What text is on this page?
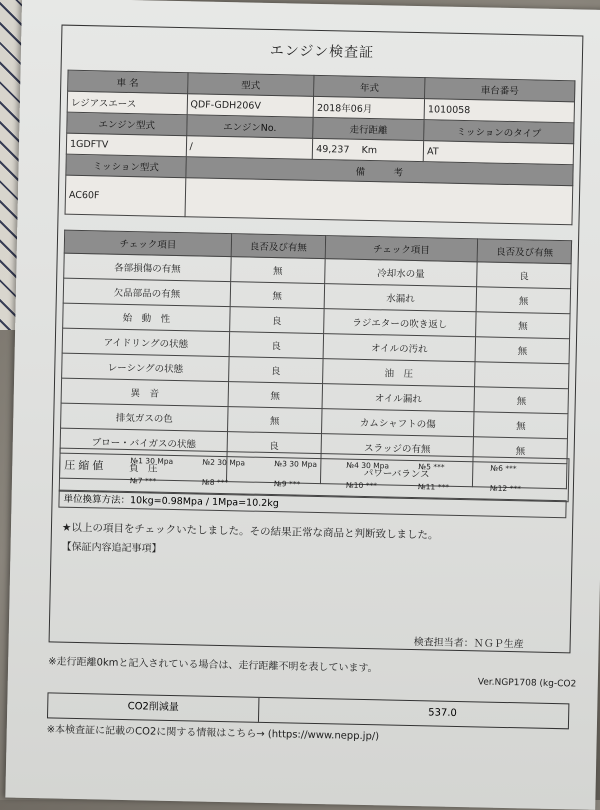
エンジン検査証
車 名	型式	年式	車台番号
レジアスエース	QDF-GDH206V	2018年06月	1010058
エンジン型式	エンジンNo.	走行距離	ミッションのタイプ
1GDFTV	/	49,237 Km	AT
ミッション型式	備　　　考		
AC60F			
チェック項目	良否及び有無	チェック項目	良否及び有無
各部損傷の有無	無	冷却水の量	良
欠品部品の有無	無	水漏れ	無
始　動　性	良	ラジエターの吹き返し	無
アイドリングの状態	良	オイルの汚れ	無
レーシングの状態	良	油　圧	
異　音	無	オイル漏れ	無
排気ガスの色	無	カムシャフトの傷	無
ブロー・バイガスの状態	良	スラッジの有無	無
負　圧		パワーバランス	
圧縮値	№1 30 Mpa	№2 30 Mpa	№3 30 Mpa	№4 30 Mpa	№5 ***	№6 ***
№7 ***	№8 ***	№9 ***	№10 ***	№11 ***	№12 ***
単位換算方法：10kg=0.98Mpa / 1Mpa=10.2kg
★以上の項目をチェックいたしました。その結果正常な商品と判断致しました。
【保証内容追記事項】
検査担当者：ＮＧＰ生産
※走行距離0kmと記入されている場合は、走行距離不明を表しています。
Ver.NGP1708 (kg-CO2
CO2削減量
537.0
※本検査証に記載のCO2に関する情報はこちら→ (https://www.nepp.jp/)
